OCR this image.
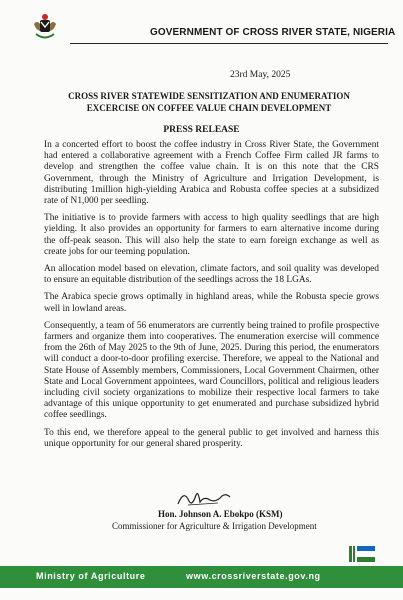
GOVERNMENT OF CROSS RIVER STATE, NIGERIA
23rd May, 2025
CROSS RIVER STATEWIDE SENSITIZATION AND ENUMERATION
EXCERCISE ON COFFEE VALUE CHAIN DEVELOPMENT
PRESS RELEASE

In a concerted effort to boost the coffee industry in Cross River State, the Government had entered a collaborative agreement with a French Coffee Firm called JR farms to develop and strengthen the coffee value chain. It is on this note that the CRS Government, through the Ministry of Agriculture and Irrigation Development, is distributing 1million high-yielding Arabica and Robusta coffee species at a subsidized rate of N1,000 per seedling.

The initiative is to provide farmers with access to high quality seedlings that are high yielding. It also provides an opportunity for farmers to earn alternative income during the off-peak season. This will also help the state to earn foreign exchange as well as create jobs for our teeming population.

An allocation model based on elevation, climate factors, and soil quality was developed to ensure an equitable distribution of the seedlings across the 18 LGAs.

The Arabica specie grows optimally in highland areas, while the Robusta specie grows well in lowland areas.

Consequently, a team of 56 enumerators are currently being trained to profile prospective farmers and organize them into cooperatives. The enumeration exercise will commence from the 26th of May 2025 to the 9th of June, 2025. During this period, the enumerators will conduct a door-to-door profiling exercise. Therefore, we appeal to the National and State House of Assembly members, Commissioners, Local Government Chairmen, other State and Local Government appointees, ward Councillors, political and religious leaders including civil society organizations to mobilize their respective local farmers to take advantage of this unique opportunity to get enumerated and purchase subsidized hybrid coffee seedlings.

To this end, we therefore appeal to the general public to get involved and harness this unique opportunity for our general shared prosperity.

Hon. Johnson A. Ebokpo (KSM)
Commissioner for Agriculture & Irrigation Development
Ministry of Agriculture	www.crossriverstate.gov.ng
